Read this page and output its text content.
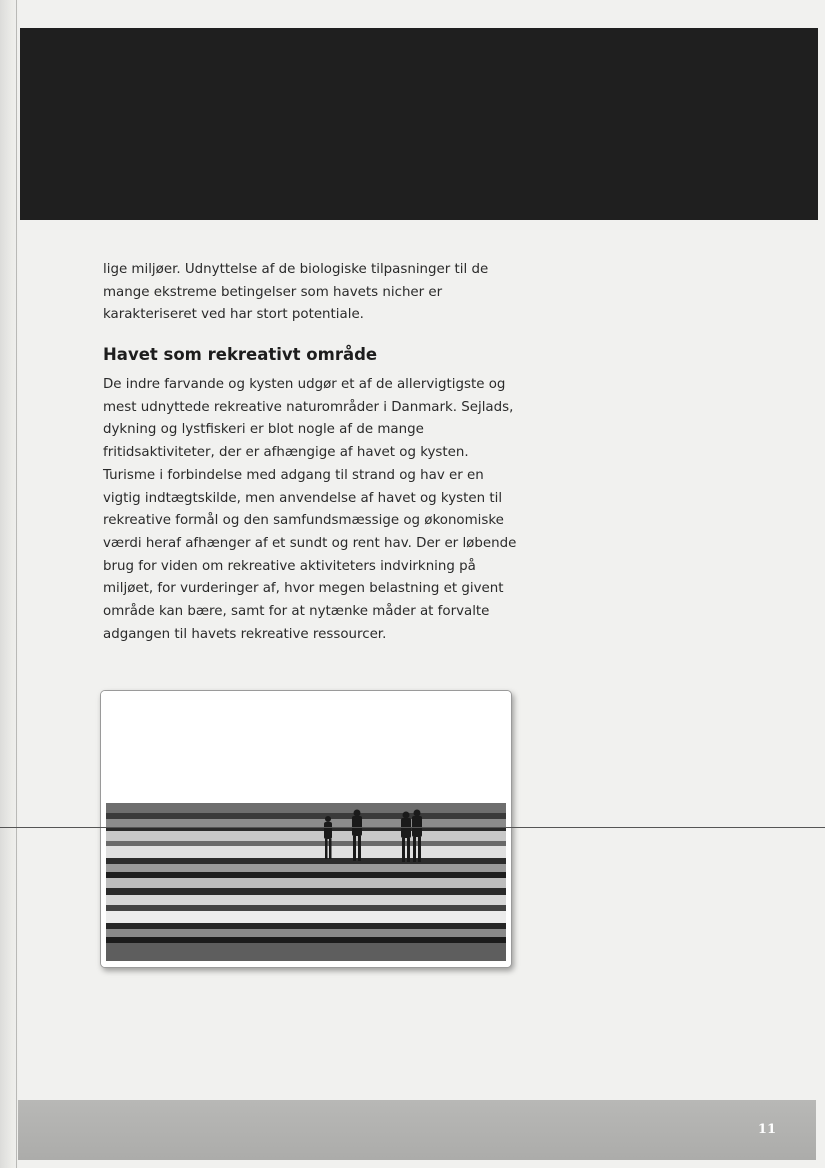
lige miljøer. Udnyttelse af de biologiske tilpasninger til de mange ekstreme betingelser som havets nicher er karakteriseret ved har stort potentiale.

Havet som rekreativt område

De indre farvande og kysten udgør et af de allervigtigste og mest udnyttede rekreative naturområder i Danmark. Sejlads, dykning og lystfiskeri er blot nogle af de mange fritidsaktiviteter, der er afhængige af havet og kysten. Turisme i forbindelse med adgang til strand og hav er en vigtig indtægtskilde, men anvendelse af havet og kysten til rekreative formål og den samfundsmæssige og økonomiske værdi heraf afhænger af et sundt og rent hav. Der er løbende brug for viden om rekreative aktiviteters indvirkning på miljøet, for vurderinger af, hvor megen belastning et givent område kan bære, samt for at nytænke måder at forvalte adgangen til havets rekreative ressourcer.

11
